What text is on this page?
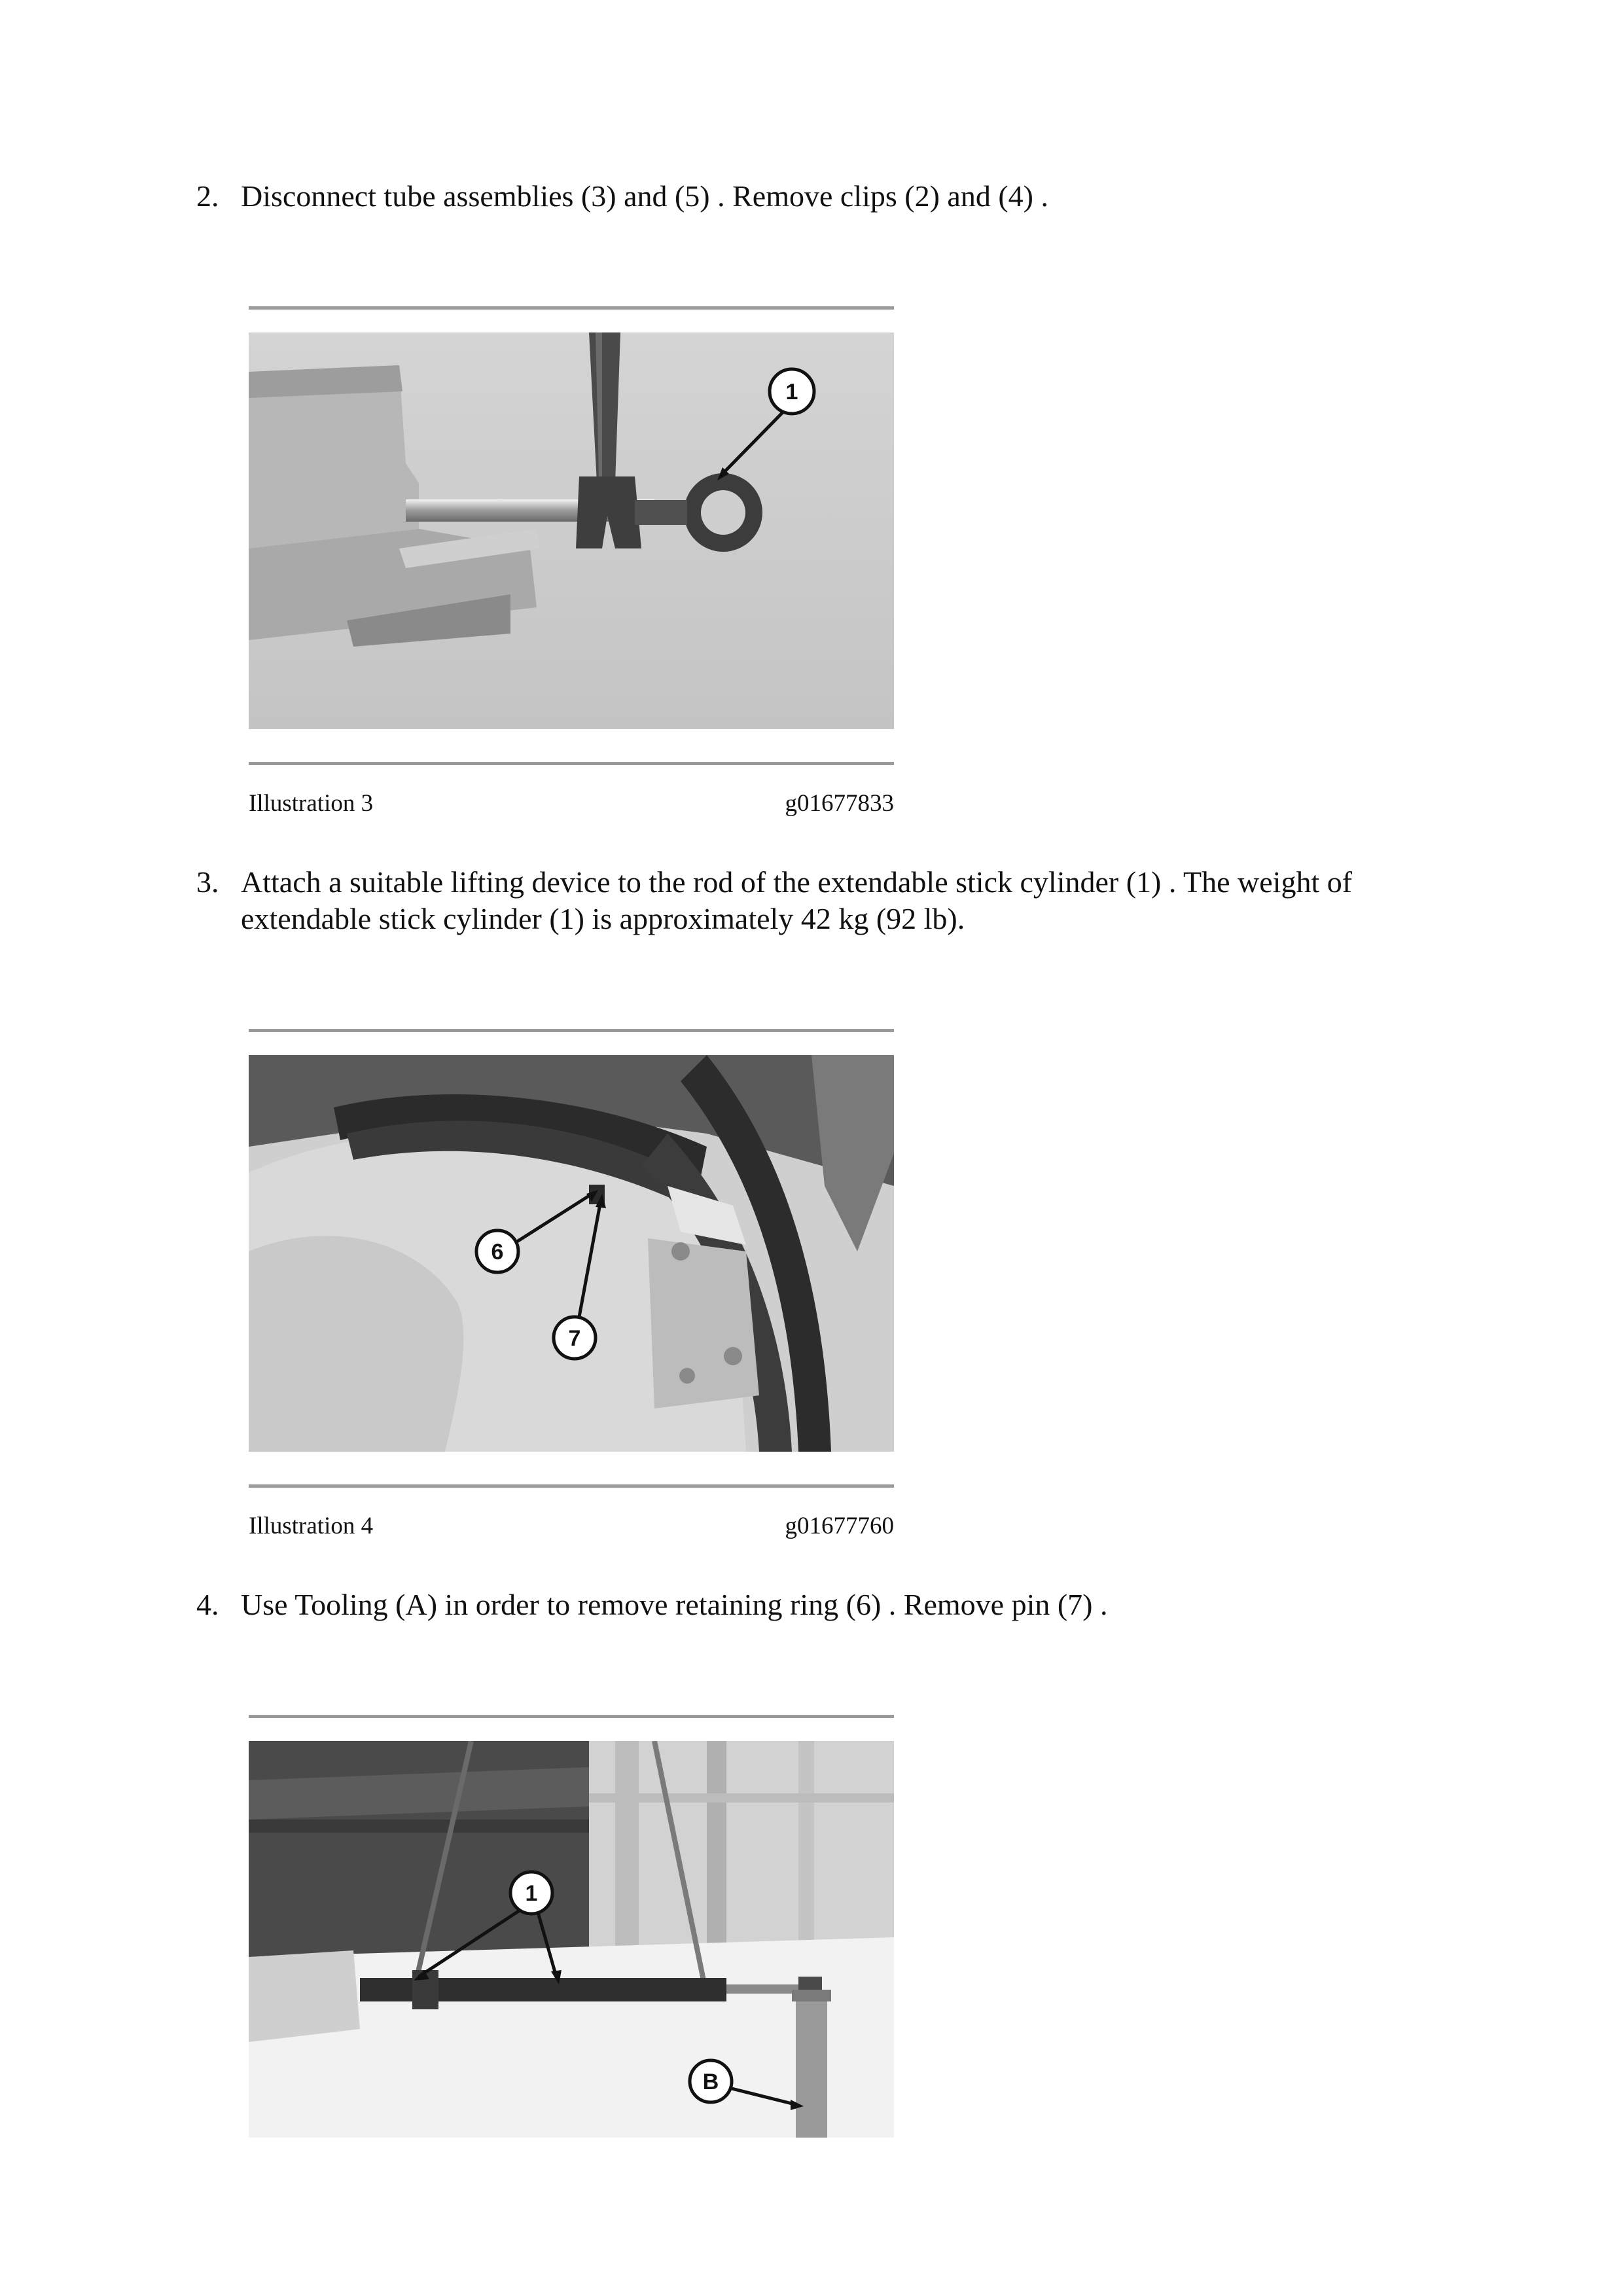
2. Disconnect tube assemblies (3) and (5) . Remove clips (2) and (4) .
1
Illustration 3	g01677833
3. Attach a suitable lifting device to the rod of the extendable stick cylinder (1) . The weight of extendable stick cylinder (1) is approximately 42 kg (92 lb).
6
7
Illustration 4	g01677760
4. Use Tooling (A) in order to remove retaining ring (6) . Remove pin (7) .
1
B
